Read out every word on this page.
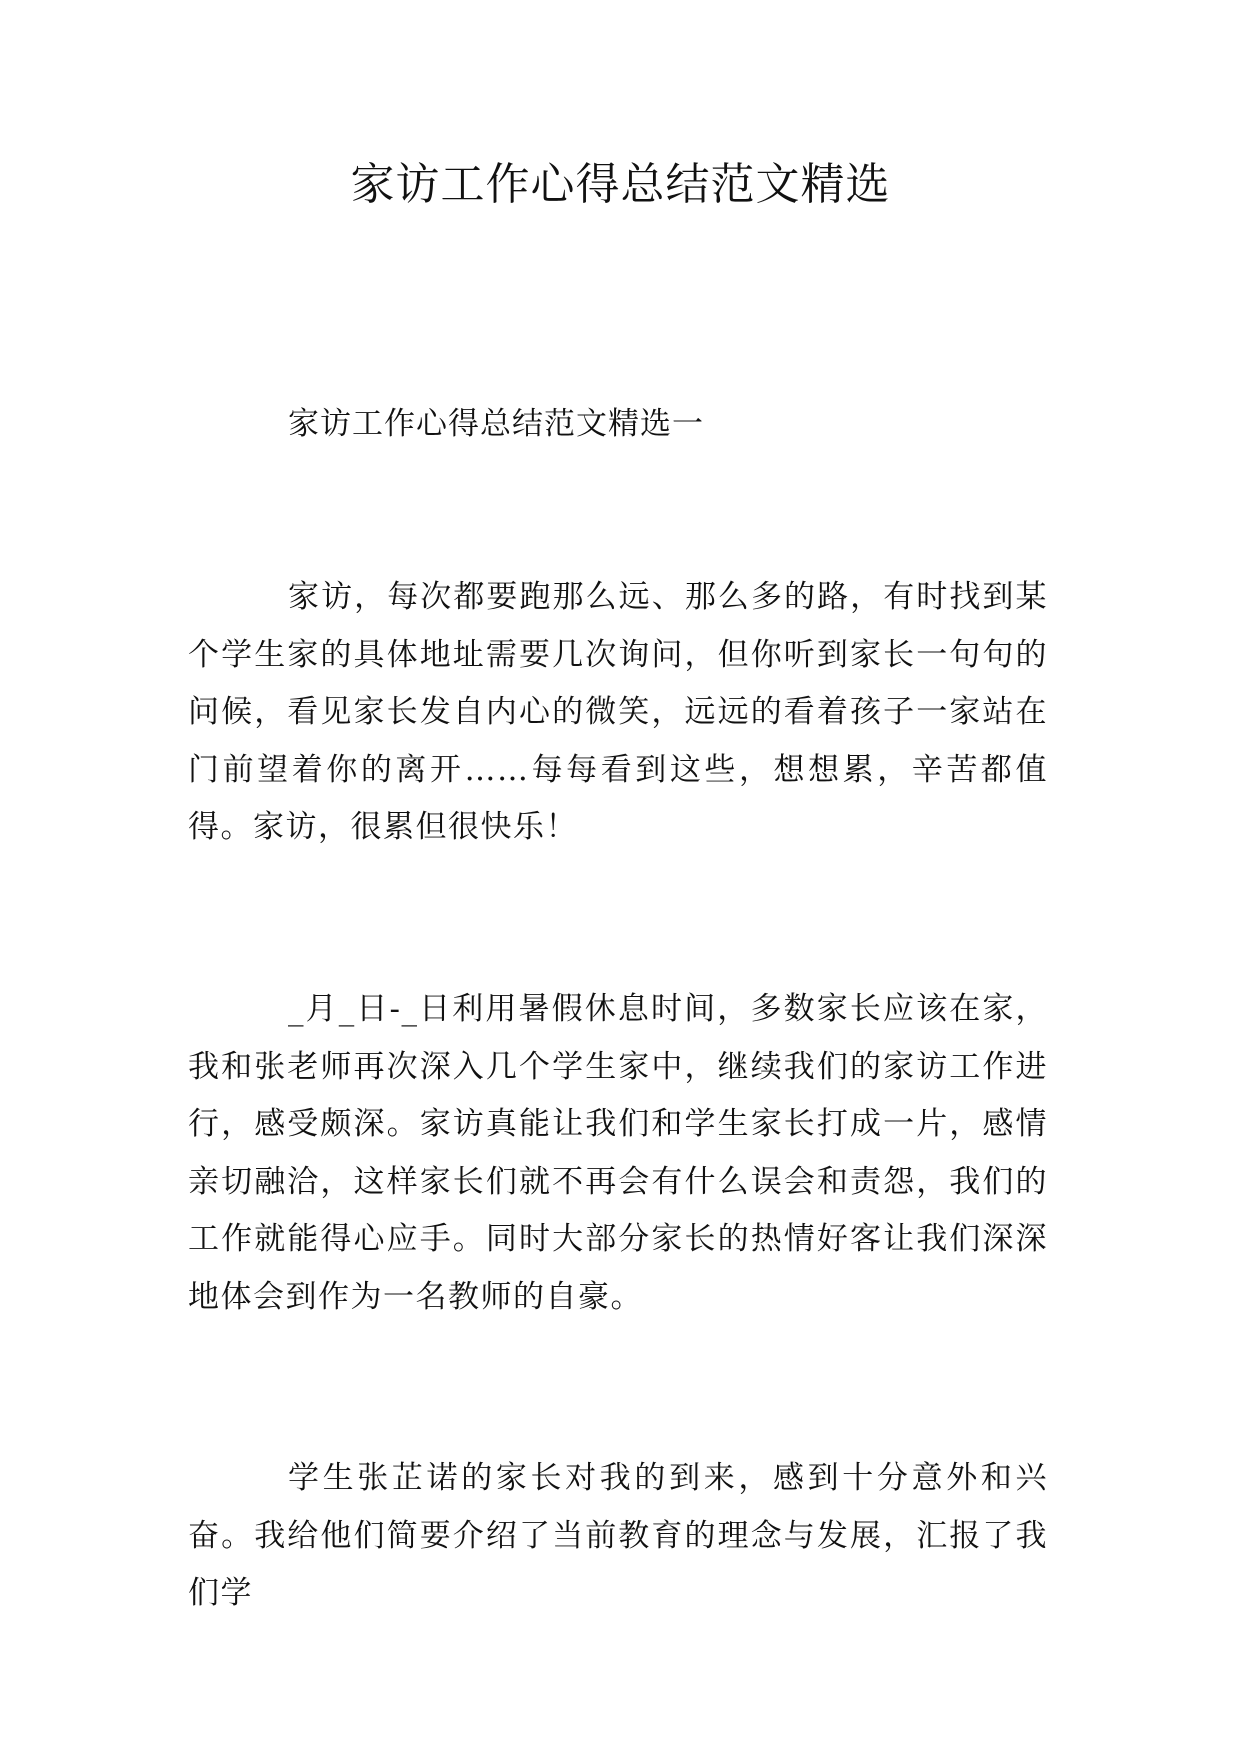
家访工作心得总结范文精选
家访工作心得总结范文精选一

家访，每次都要跑那么远、那么多的路，有时找到某个学生家的具体地址需要几次询问，但你听到家长一句句的问候，看见家长发自内心的微笑，远远的看着孩子一家站在门前望着你的离开……每每看到这些，想想累，辛苦都值得。家访，很累但很快乐！

_月_日-_日利用暑假休息时间，多数家长应该在家，我和张老师再次深入几个学生家中，继续我们的家访工作进行，感受颇深。家访真能让我们和学生家长打成一片，感情亲切融洽，这样家长们就不再会有什么误会和责怨，我们的工作就能得心应手。同时大部分家长的热情好客让我们深深地体会到作为一名教师的自豪。

学生张芷诺的家长对我的到来，感到十分意外和兴奋。我给他们简要介绍了当前教育的理念与发展，汇报了我们学
